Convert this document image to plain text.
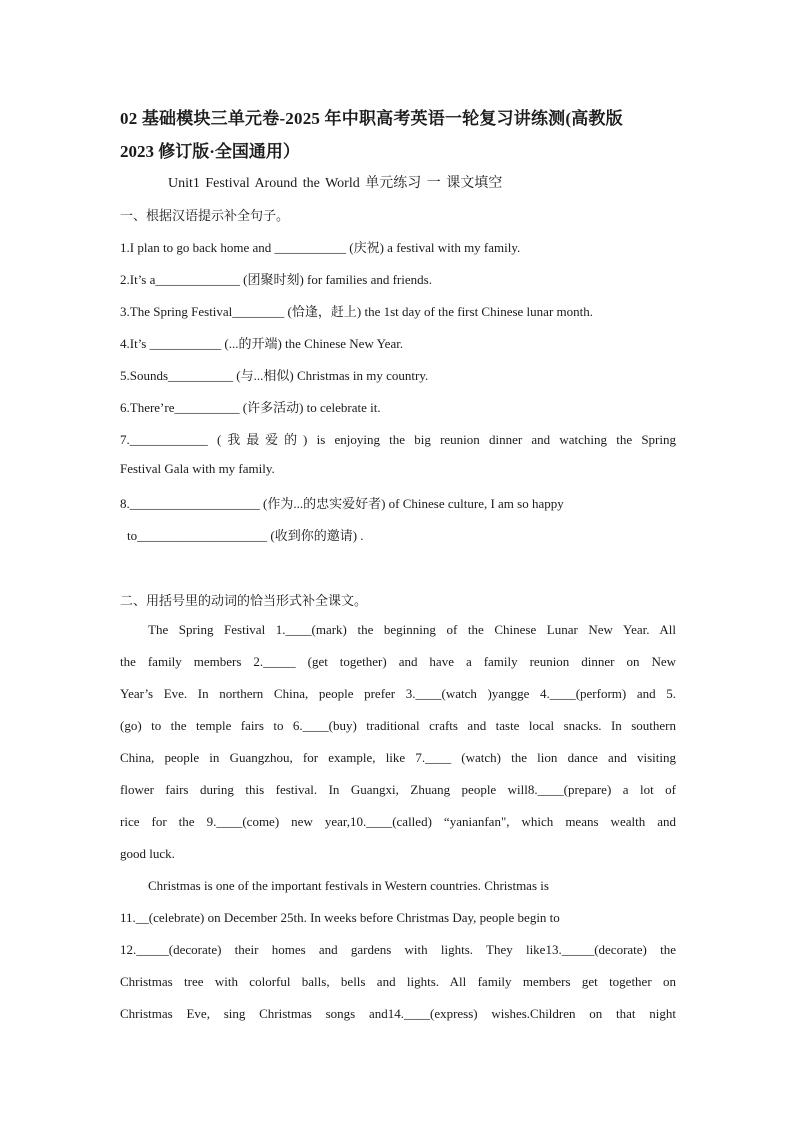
02 基础模块三单元卷-2025 年中职高考英语一轮复习讲练测(高教版
2023 修订版·全国通用）
Unit1 Festival Around the World 单元练习 一 课文填空
一、根据汉语提示补全句子。
1.I plan to go back home and ___________ (庆祝) a festival with my family.
2.It’s a_____________ (团聚时刻) for families and friends.
3.The Spring Festival________ (恰逢，赶上) the 1st day of the first Chinese lunar month.
4.It’s ___________ (...的开端) the Chinese New Year.
5.Sounds__________ (与...相似) Christmas in my country.
6.There’re__________ (许多活动) to celebrate it.
7.____________ (我最爱的) is enjoying the big reunion dinner and watching the Spring
Festival Gala with my family.
8.____________________ (作为...的忠实爱好者) of Chinese culture, I am so happy
to____________________ (收到你的邀请) .
二、用括号里的动词的恰当形式补全课文。
The Spring Festival 1.____(mark) the beginning of the Chinese Lunar New Year. All
the family members 2._____ (get together) and have a family reunion dinner on New
Year’s Eve. In northern China, people prefer 3.____(watch )yangge 4.____(perform) and 5.
(go) to the temple fairs to 6.____(buy) traditional crafts and taste local snacks. In southern
China, people in Guangzhou, for example, like 7.____ (watch) the lion dance and visiting
flower fairs during this festival. In Guangxi, Zhuang people will8.____(prepare) a lot of
rice for the 9.____(come) new year,10.____(called) “yanianfan", which means wealth and
good luck.
Christmas is one of the important festivals in Western countries. Christmas is
11.__(celebrate) on December 25th. In weeks before Christmas Day, people begin to
12._____(decorate) their homes and gardens with lights. They like13._____(decorate) the
Christmas tree with colorful balls, bells and lights. All family members get together on
Christmas Eve, sing Christmas songs and14.____(express) wishes.Children on that night
